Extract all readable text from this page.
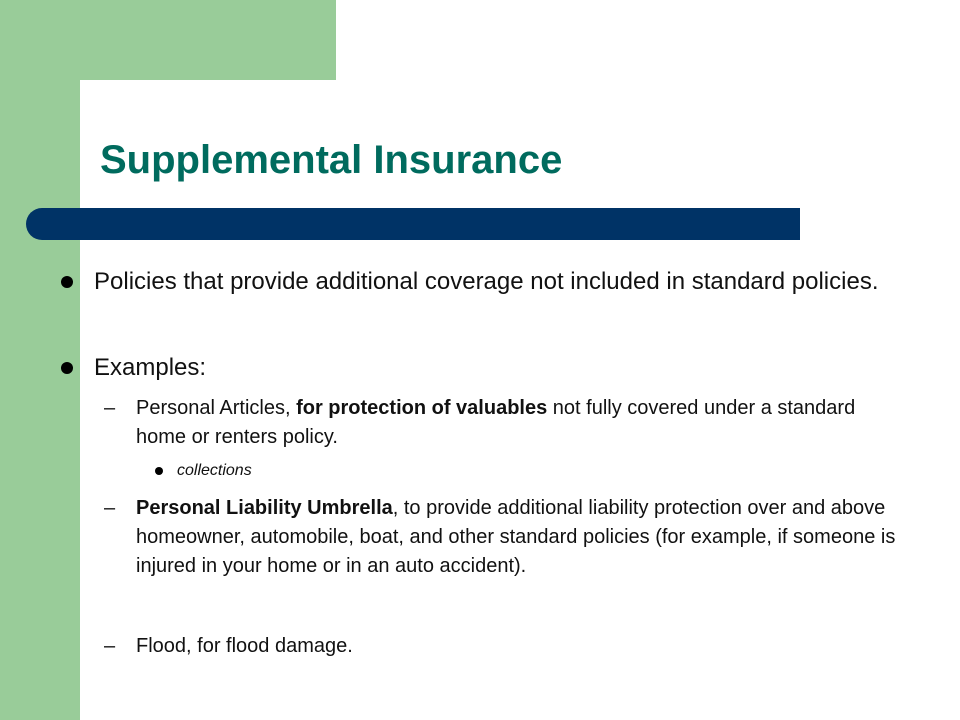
Supplemental Insurance

Policies that provide additional coverage not included in standard policies.

Examples:

– Personal Articles, for protection of valuables not fully covered under a standard home or renters policy.

collections

– Personal Liability Umbrella, to provide additional liability protection over and above homeowner, automobile, boat, and other standard policies (for example, if someone is injured in your home or in an auto accident).

– Flood, for flood damage.
